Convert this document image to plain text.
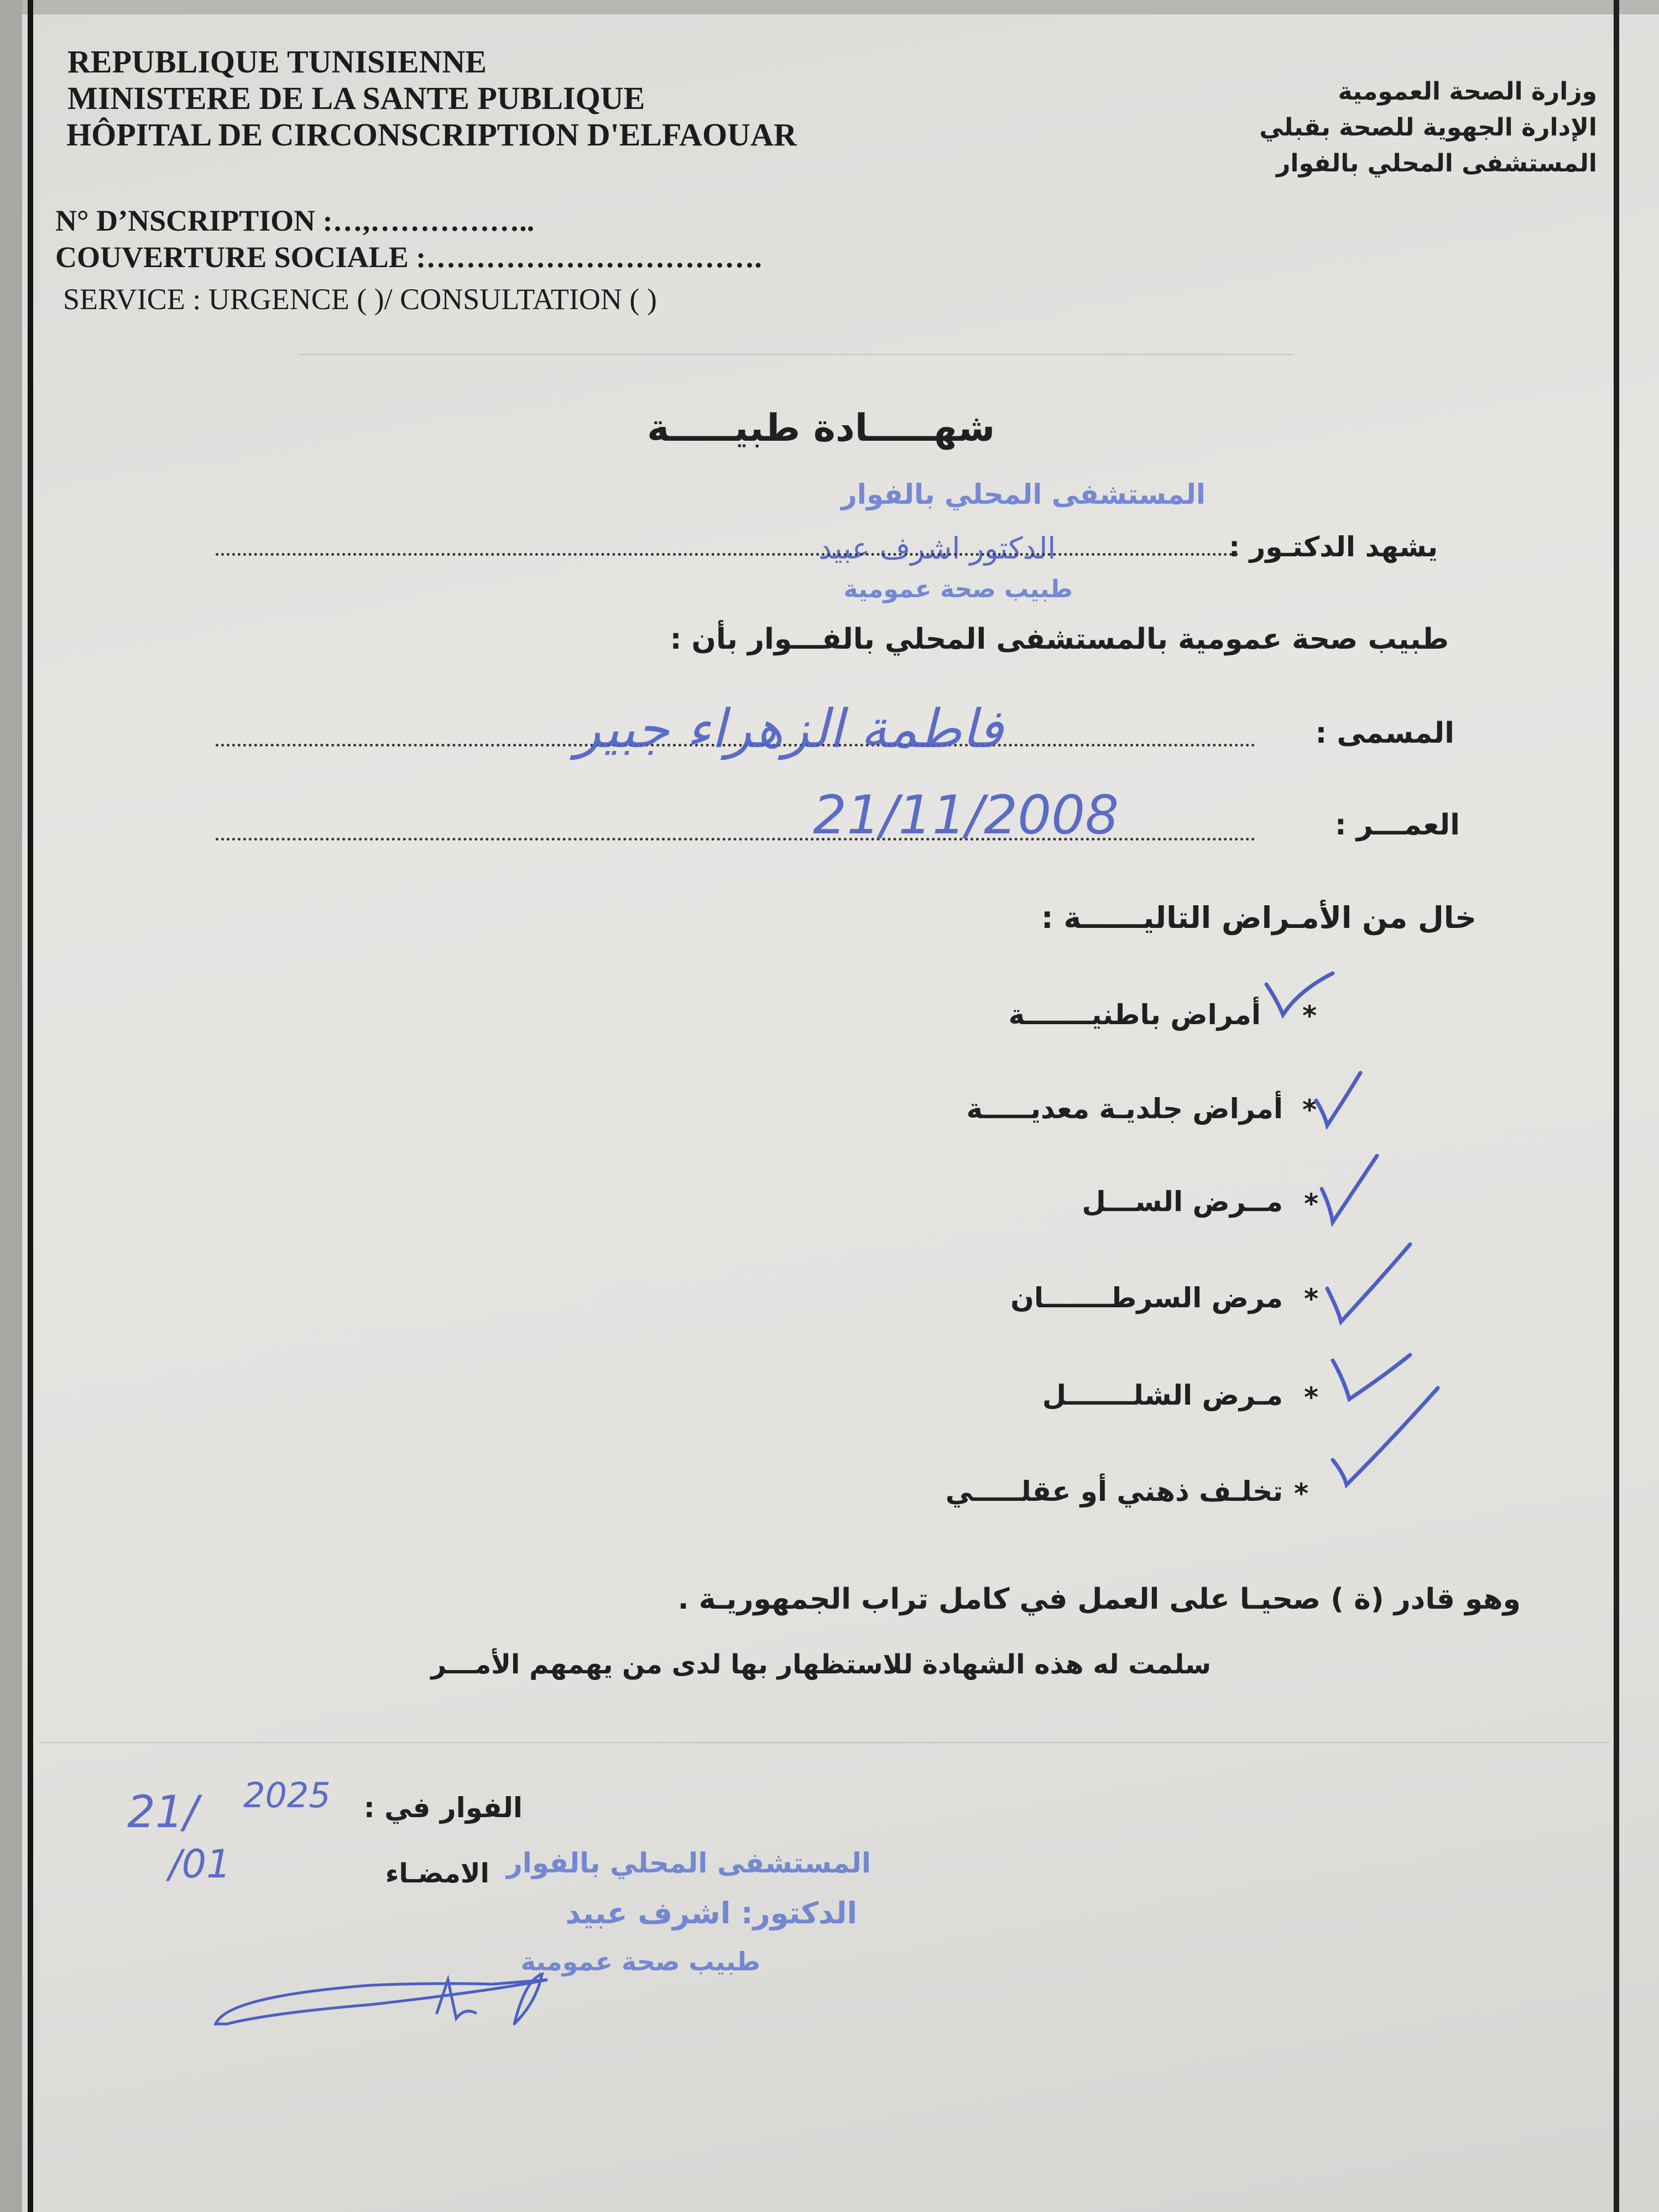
REPUBLIQUE TUNISIENNE
MINISTERE DE LA SANTE PUBLIQUE
HÔPITAL DE CIRCONSCRIPTION D'ELFAOUAR
وزارة الصحة العمومية
الإدارة الجهوية للصحة بقبلي
المستشفى المحلي بالفوار
N° D’NSCRIPTION :…,……………..
COUVERTURE SOCIALE :…………………………….
SERVICE : URGENCE ( )/ CONSULTATION ( )
شهـــــادة طبيـــــة
المستشفى المحلي بالفوار
الدكتور اشرف عبيد
طبيب صحة عمومية
يشهد الدكتـور :
طبيب صحة عمومية بالمستشفى المحلي بالفـــوار بأن :
المسمى :
فاطمة الزهراء جبير
العمـــر :
21/11/2008
خال من الأمـراض التاليــــــة :
أمراض باطنيـــــــة *
أمراض جلديـة معديـــــة *
مــرض الســـل *
مرض السرطـــــــان *
مـرض الشلـــــــل *
تخلـف ذهني أو عقلـــــي *
وهو قادر (ة ) صحيـا على العمل في كامل تراب الجمهوريـة .
سلمت له هذه الشهادة للاستظهار بها لدى من يهمهم الأمـــر
الفوار في :
21/ 2025
/01	الامضـاء المستشفى المحلي بالفوار
الدكتور: اشرف عبيد
طبيب صحة عمومية
